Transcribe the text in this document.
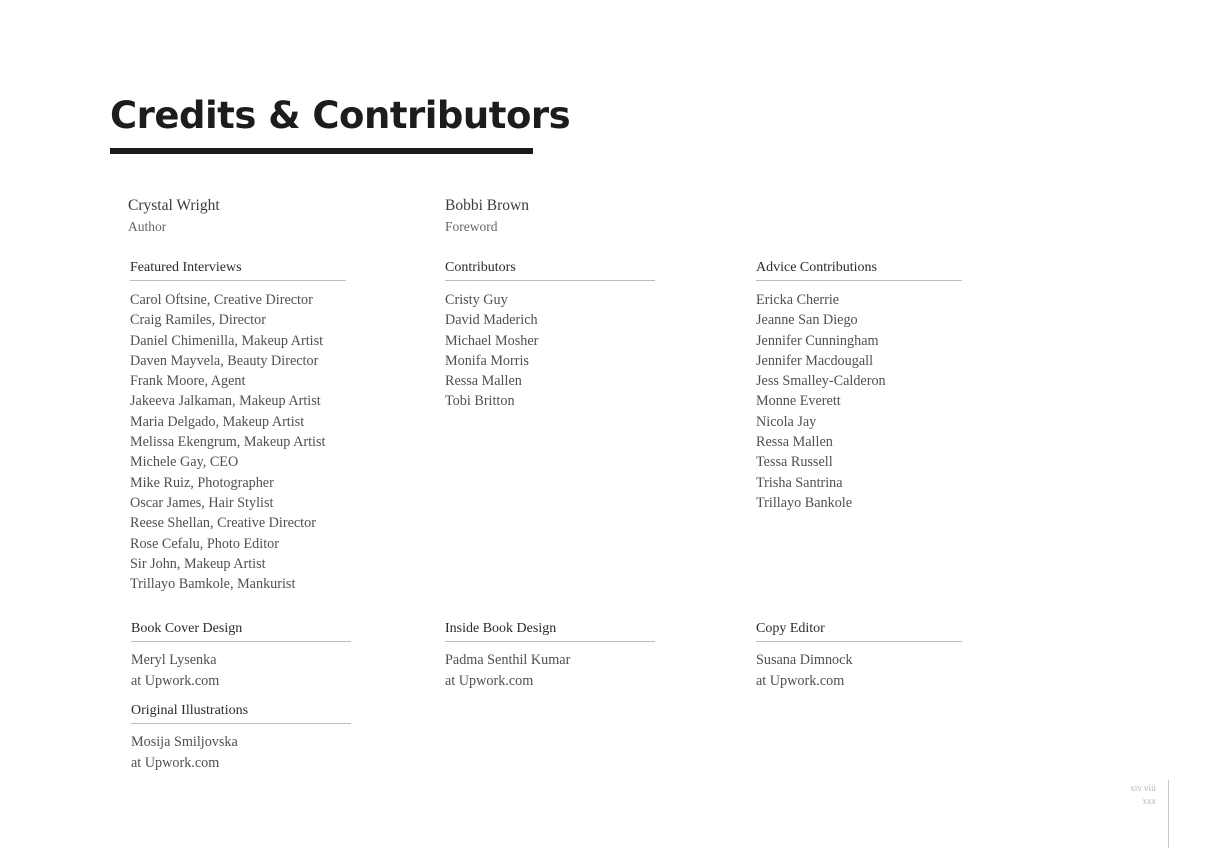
Credits & Contributors
Crystal Wright
Author
Bobbi Brown
Foreword
Featured Interviews
Carol Oftsine, Creative Director
Craig Ramiles, Director
Daniel Chimenilla, Makeup Artist
Daven Mayvela, Beauty Director
Frank Moore, Agent
Jakeeva Jalkaman, Makeup Artist
Maria Delgado, Makeup Artist
Melissa Ekengrum, Makeup Artist
Michele Gay, CEO
Mike Ruiz, Photographer
Oscar James, Hair Stylist
Reese Shellan, Creative Director
Rose Cefalu, Photo Editor
Sir John, Makeup Artist
Trillayo Bamkole, Mankurist
Contributors
Cristy Guy
David Maderich
Michael Mosher
Monifa Morris
Ressa Mallen
Tobi Britton
Advice Contributions
Ericka Cherrie
Jeanne San Diego
Jennifer Cunningham
Jennifer Macdougall
Jess Smalley-Calderon
Monne Everett
Nicola Jay
Ressa Mallen
Tessa Russell
Trisha Santrina
Trillayo Bankole
Book Cover Design
Meryl Lysenka
at Upwork.com
Inside Book Design
Padma Senthil Kumar
at Upwork.com
Copy Editor
Susana Dimnock
at Upwork.com
Original Illustrations
Mosija Smiljovska
at Upwork.com
xiv viii
xxx
